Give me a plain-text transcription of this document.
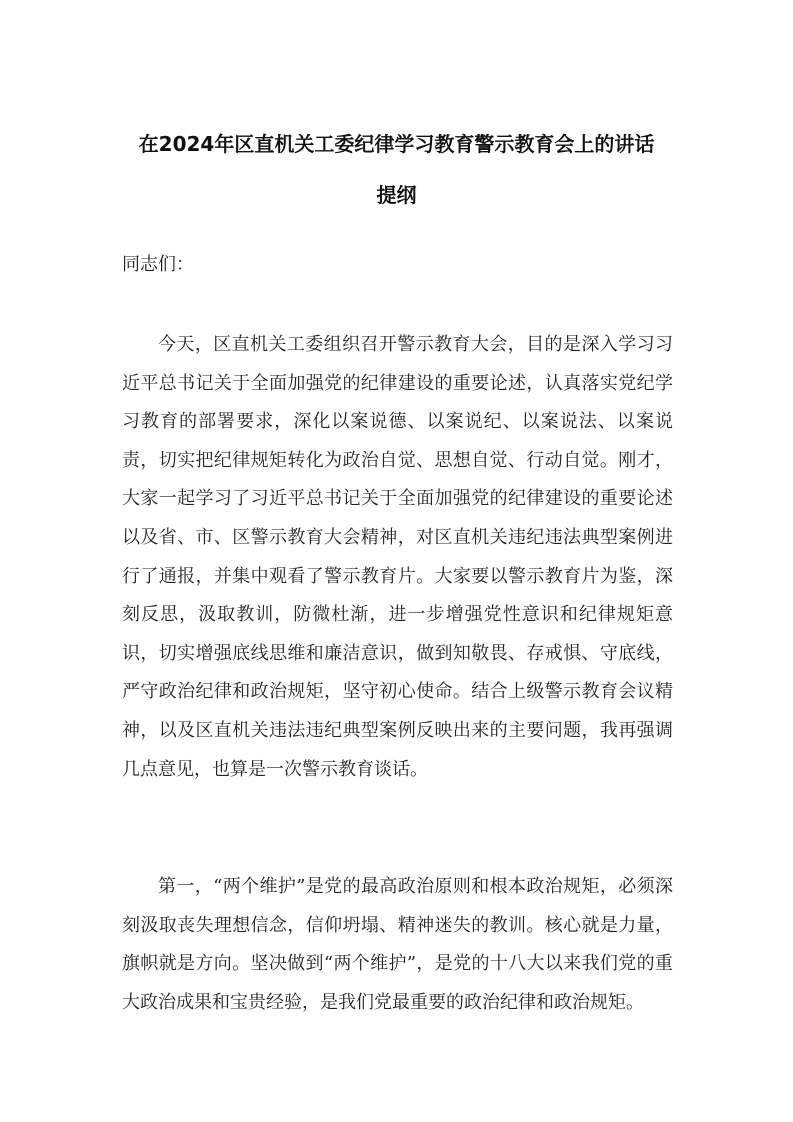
在2024年区直机关工委纪律学习教育警示教育会上的讲话
提纲
同志们：

今天，区直机关工委组织召开警示教育大会，目的是深入学习习近平总书记关于全面加强党的纪律建设的重要论述，认真落实党纪学习教育的部署要求，深化以案说德、以案说纪、以案说法、以案说责，切实把纪律规矩转化为政治自觉、思想自觉、行动自觉。刚才，大家一起学习了习近平总书记关于全面加强党的纪律建设的重要论述以及省、市、区警示教育大会精神，对区直机关违纪违法典型案例进行了通报，并集中观看了警示教育片。大家要以警示教育片为鉴，深刻反思，汲取教训，防微杜渐，进一步增强党性意识和纪律规矩意识，切实增强底线思维和廉洁意识，做到知敬畏、存戒惧、守底线，严守政治纪律和政治规矩，坚守初心使命。结合上级警示教育会议精神，以及区直机关违法违纪典型案例反映出来的主要问题，我再强调几点意见，也算是一次警示教育谈话。

第一，“两个维护”是党的最高政治原则和根本政治规矩，必须深刻汲取丧失理想信念，信仰坍塌、精神迷失的教训。核心就是力量，旗帜就是方向。坚决做到“两个维护”，是党的十八大以来我们党的重大政治成果和宝贵经验，是我们党最重要的政治纪律和政治规矩。
